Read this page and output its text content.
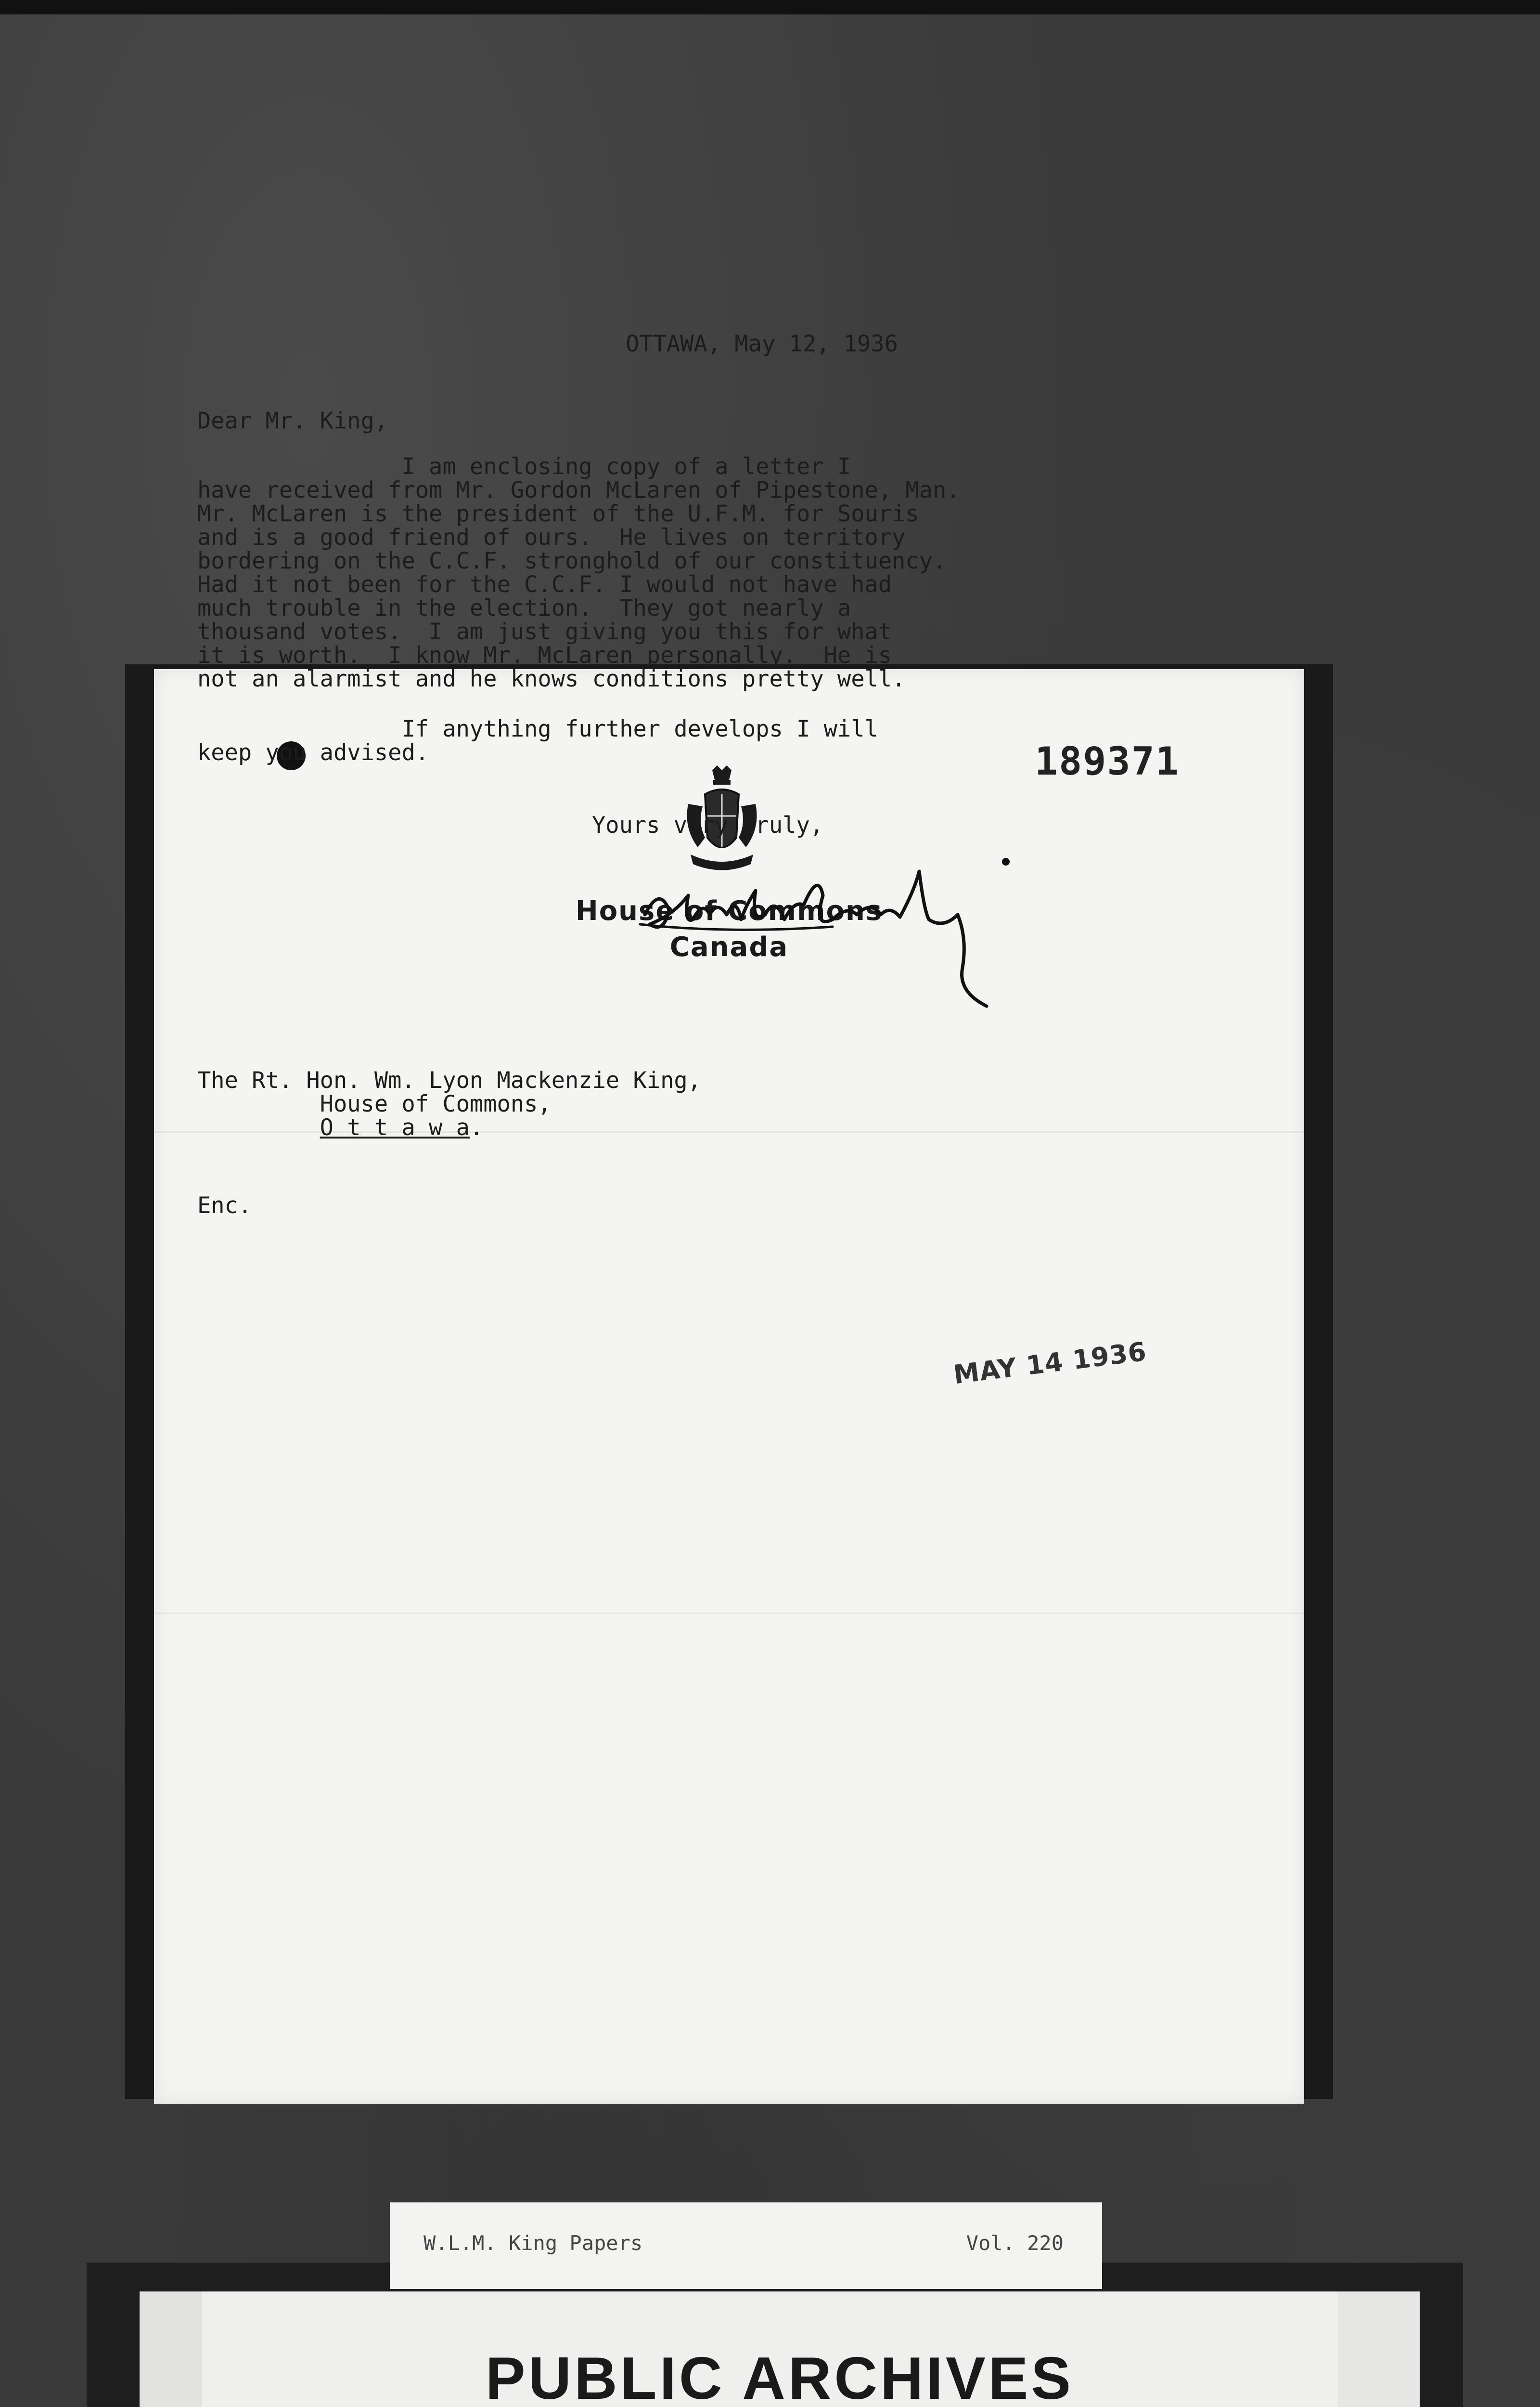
189371
House of Commons
Canada
OTTAWA, May 12, 1936
Dear Mr. King,
I am enclosing copy of a letter I
have received from Mr. Gordon McLaren of Pipestone, Man.
Mr. McLaren is the president of the U.F.M. for Souris
and is a good friend of ours.  He lives on territory
bordering on the C.C.F. stronghold of our constituency.
Had it not been for the C.C.F. I would not have had
much trouble in the election.  They got nearly a
thousand votes.  I am just giving you this for what
it is worth.  I know Mr. McLaren personally.  He is
not an alarmist and he knows conditions pretty well.
If anything further develops I will
keep you advised.
Yours very truly,
The Rt. Hon. Wm. Lyon Mackenzie King,
House of Commons,
O t t a w a.
Enc.
MAY 14 1936
W.L.M. King Papers	Vol. 220
PUBLIC ARCHIVES
